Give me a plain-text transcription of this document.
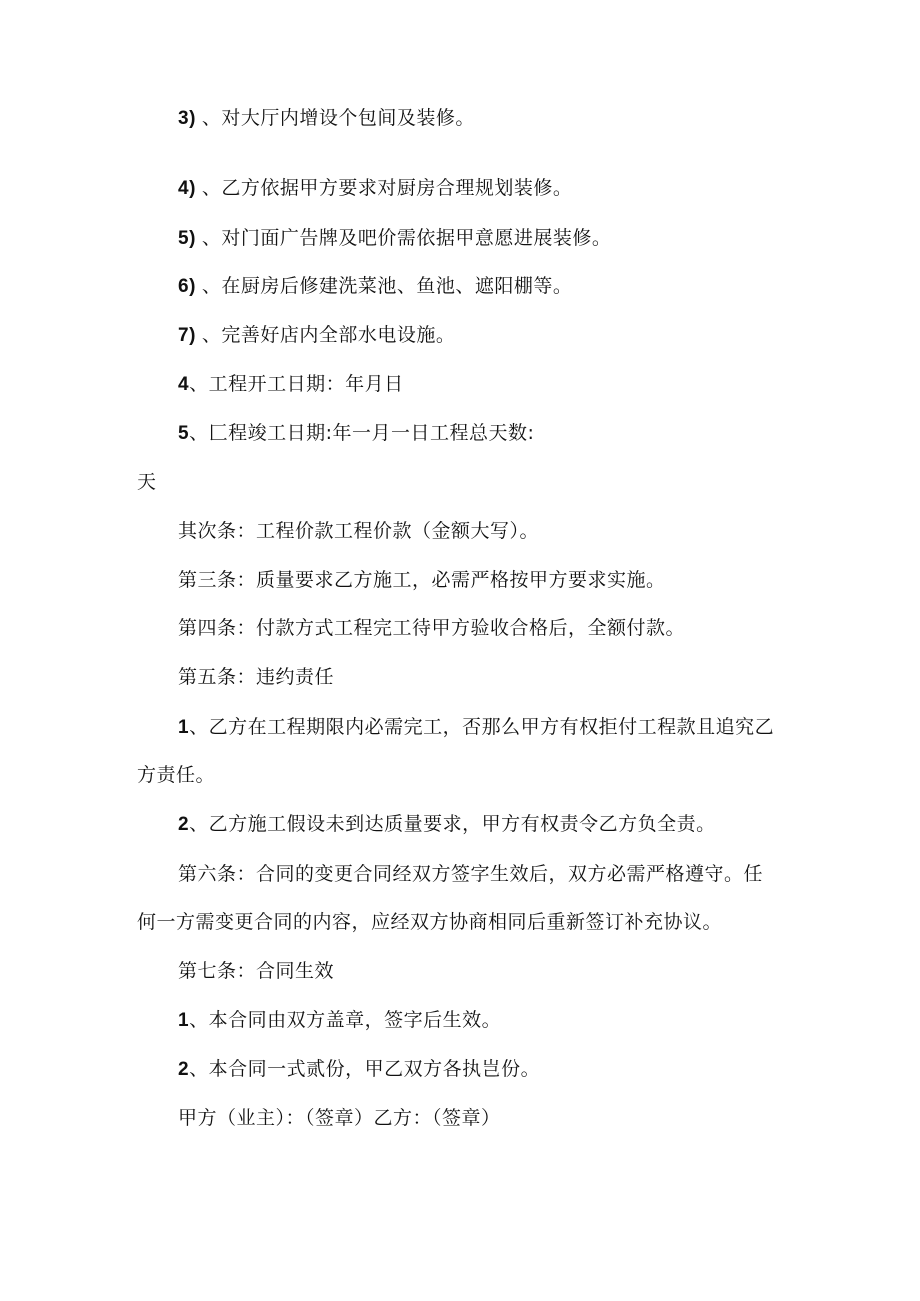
3) 、对大厅内增设个包间及装修。
4) 、乙方依据甲方要求对厨房合理规划装修。
5) 、对门面广告牌及吧价需依据甲意愿进展装修。
6) 、在厨房后修建洗菜池、鱼池、遮阳棚等。
7) 、完善好店内全部水电设施。
4、工程开工日期：年月日
5、匚程竣工日期:年一月一日工程总天数:
天
其次条：工程价款工程价款（金额大写）。
第三条：质量要求乙方施工，必需严格按甲方要求实施。
第四条：付款方式工程完工待甲方验收合格后，全额付款。
第五条：违约责任
1、乙方在工程期限内必需完工，否那么甲方有权拒付工程款且追究乙
方责任。
2、乙方施工假设未到达质量要求，甲方有权责令乙方负全责。
第六条：合同的变更合同经双方签字生效后，双方必需严格遵守。任
何一方需变更合同的内容，应经双方协商相同后重新签订补充协议。
第七条：合同生效
1、本合同由双方盖章，签字后生效。
2、本合同一式贰份，甲乙双方各执岂份。
甲方（业主）：（签章）乙方：（签章）
